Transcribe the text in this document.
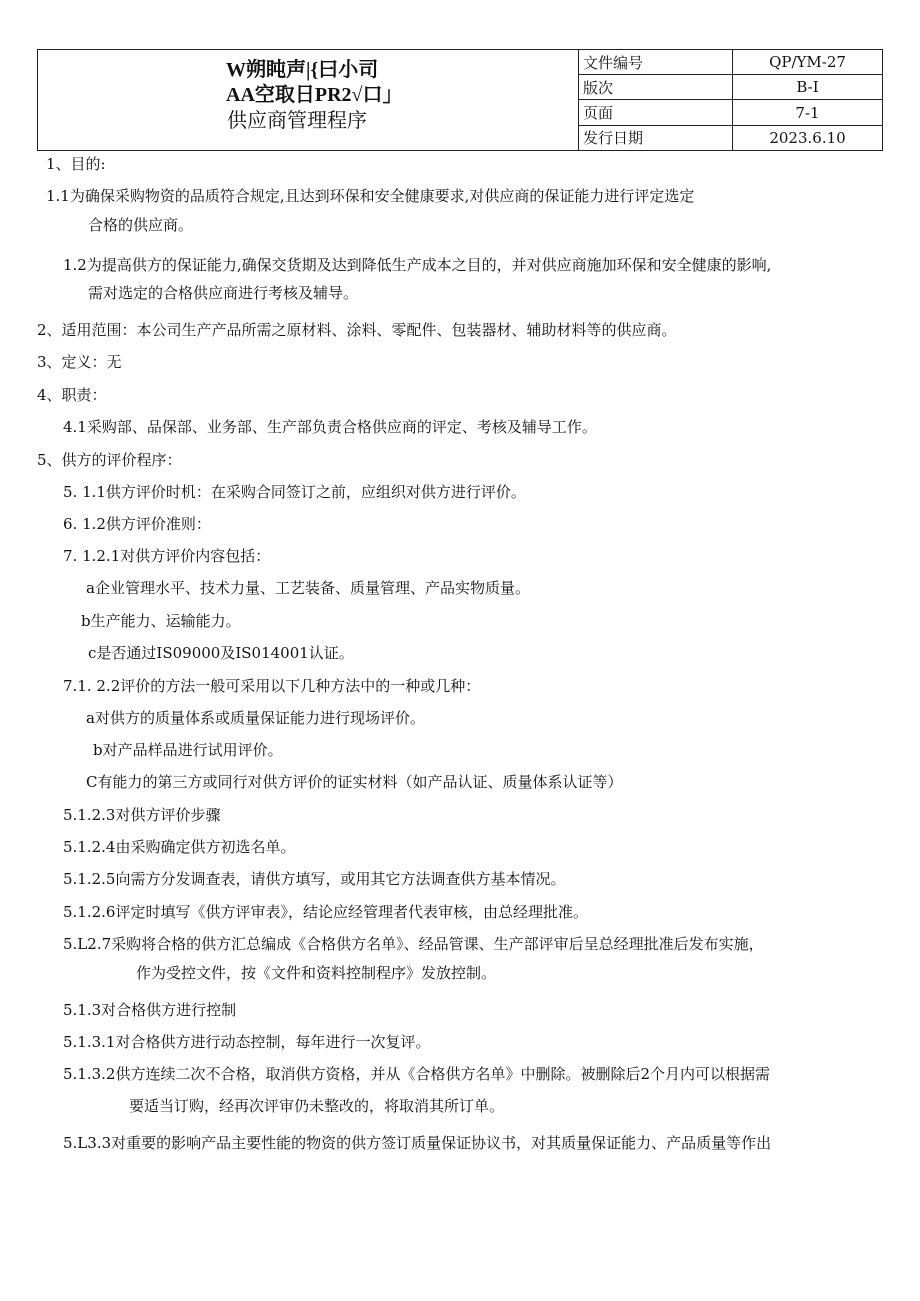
W朔盹声|{曰小司
AA空取日PR2√口」
供应商管理程序
文件编号	QP/YM-27
版次	B-I
页面	7-1
发行日期	2023.6.10
1、目的:
1.1为确保采购物资的品质符合规定,且达到环保和安全健康要求,对供应商的保证能力进行评定选定
合格的供应商。
1.2为提高供方的保证能力,确保交货期及达到降低生产成本之目的，并对供应商施加环保和安全健康的影响,
需对选定的合格供应商进行考核及辅导。
2、适用范围：本公司生产产品所需之原材料、涂料、零配件、包装器材、辅助材料等的供应商。
3、定义：无
4、职责：
4.1采购部、品保部、业务部、生产部负责合格供应商的评定、考核及辅导工作。
5、供方的评价程序：
5. 1.1供方评价时机：在采购合同签订之前，应组织对供方进行评价。
6. 1.2供方评价准则：
7. 1.2.1对供方评价内容包括：
a企业管理水平、技术力量、工艺装备、质量管理、产品实物质量。
b生产能力、运输能力。
c是否通过IS09000及IS014001认证。
7.1. 2.2评价的方法一般可采用以下几种方法中的一种或几种：
a对供方的质量体系或质量保证能力进行现场评价。
b对产品样品进行试用评价。
C有能力的第三方或同行对供方评价的证实材料（如产品认证、质量体系认证等）
5.1.2.3对供方评价步骤
5.1.2.4由采购确定供方初选名单。
5.1.2.5向需方分发调查表，请供方填写，或用其它方法调查供方基本情况。
5.1.2.6评定时填写《供方评审表》，结论应经管理者代表审核，由总经理批准。
5.L2.7采购将合格的供方汇总编成《合格供方名单》、经品管课、生产部评审后呈总经理批准后发布实施，
作为受控文件，按《文件和资料控制程序》发放控制。
5.1.3对合格供方进行控制
5.1.3.1对合格供方进行动态控制，每年进行一次复评。
5.1.3.2供方连续二次不合格，取消供方资格，并从《合格供方名单》中删除。被删除后2个月内可以根据需
要适当订购，经再次评审仍未整改的，将取消其所订单。
5.L3.3对重要的影响产品主要性能的物资的供方签订质量保证协议书，对其质量保证能力、产品质量等作出
